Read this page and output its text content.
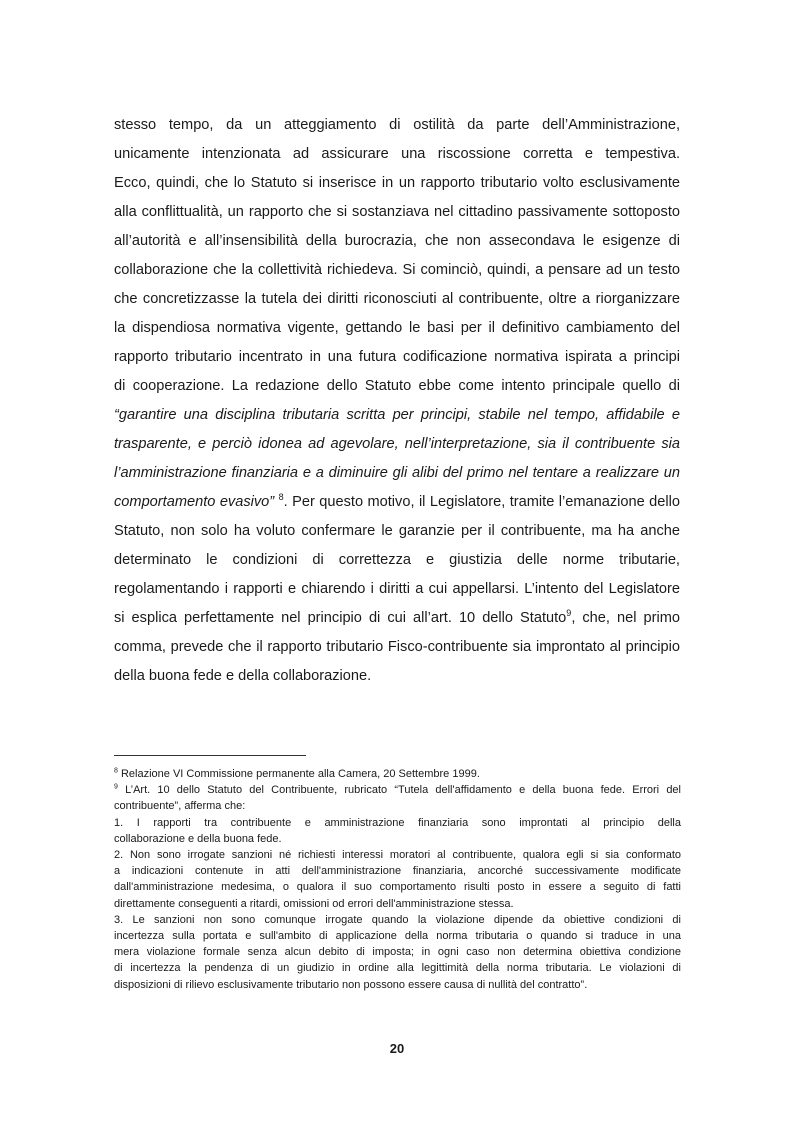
stesso tempo, da un atteggiamento di ostilità da parte dell’Amministrazione,
unicamente intenzionata ad assicurare una riscossione corretta e tempestiva.
Ecco, quindi, che lo Statuto si inserisce in un rapporto tributario volto esclusivamente
alla conflittualità, un rapporto che si sostanziava nel cittadino passivamente sottoposto
all’autorità e all’insensibilità della burocrazia, che non assecondava le esigenze di
collaborazione che la collettività richiedeva. Si cominciò, quindi, a pensare ad un testo
che concretizzasse la tutela dei diritti riconosciuti al contribuente, oltre a riorganizzare
la dispendiosa normativa vigente, gettando le basi per il definitivo cambiamento del
rapporto tributario incentrato in una futura codificazione normativa ispirata a principi
di cooperazione. La redazione dello Statuto ebbe come intento principale quello di
“garantire una disciplina tributaria scritta per principi, stabile nel tempo, affidabile e
trasparente, e perciò idonea ad agevolare, nell’interpretazione, sia il contribuente sia
l’amministrazione finanziaria e a diminuire gli alibi del primo nel tentare a realizzare un
comportamento evasivo” $^8$. Per questo motivo, il Legislatore, tramite l’emanazione dello
Statuto, non solo ha voluto confermare le garanzie per il contribuente, ma ha anche
determinato le condizioni di correttezza e giustizia delle norme tributarie,
regolamentando i rapporti e chiarendo i diritti a cui appellarsi. L’intento del Legislatore
si esplica perfettamente nel principio di cui all’art. 10 dello Statuto$^9$, che, nel primo
comma, prevede che il rapporto tributario Fisco-contribuente sia improntato al principio
della buona fede e della collaborazione.
$^8$ Relazione VI Commissione permanente alla Camera, 20 Settembre 1999.
$^9$ L’Art. 10 dello Statuto del Contribuente, rubricato “Tutela dell'affidamento e della buona fede. Errori del
contribuente”, afferma che:
1. I rapporti tra contribuente e amministrazione finanziaria sono improntati al principio della
collaborazione e della buona fede.
2. Non sono irrogate sanzioni né richiesti interessi moratori al contribuente, qualora egli si sia conformato
a indicazioni contenute in atti dell'amministrazione finanziaria, ancorché successivamente modificate
dall'amministrazione medesima, o qualora il suo comportamento risulti posto in essere a seguito di fatti
direttamente conseguenti a ritardi, omissioni od errori dell'amministrazione stessa.
3. Le sanzioni non sono comunque irrogate quando la violazione dipende da obiettive condizioni di
incertezza sulla portata e sull'ambito di applicazione della norma tributaria o quando si traduce in una
mera violazione formale senza alcun debito di imposta; in ogni caso non determina obiettiva condizione
di incertezza la pendenza di un giudizio in ordine alla legittimità della norma tributaria. Le violazioni di
disposizioni di rilievo esclusivamente tributario non possono essere causa di nullità del contratto”.
20
